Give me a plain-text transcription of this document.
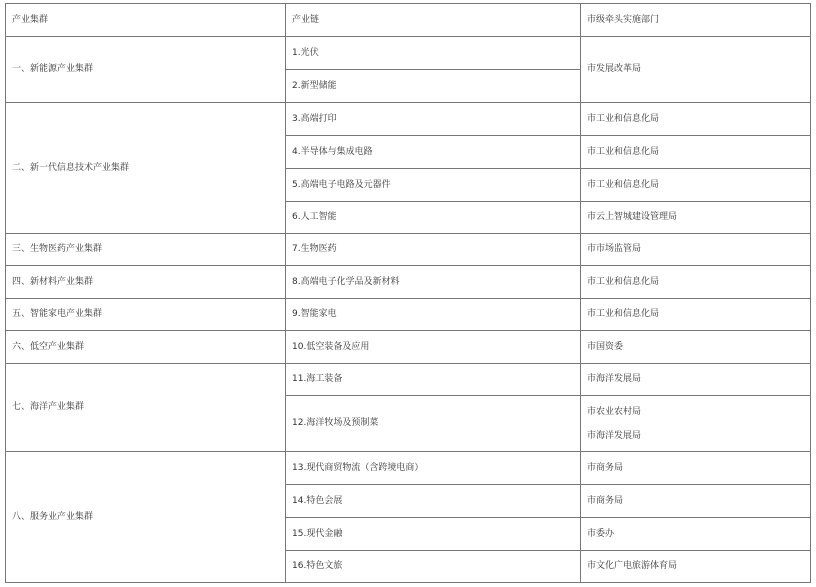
产业集群	产业链	市级牵头实施部门
一、新能源产业集群	1.光伏	市发展改革局
	2.新型储能	
二、新一代信息技术产业集群	3.高端打印	市工业和信息化局
	4.半导体与集成电路	市工业和信息化局
	5.高端电子电路及元器件	市工业和信息化局
	6.人工智能	市云上智城建设管理局
三、生物医药产业集群	7.生物医药	市市场监管局
四、新材料产业集群	8.高端电子化学品及新材料	市工业和信息化局
五、智能家电产业集群	9.智能家电	市工业和信息化局
六、低空产业集群	10.低空装备及应用	市国资委
七、海洋产业集群	11.海工装备	市海洋发展局
	12.海洋牧场及预制菜	市农业农村局
市海洋发展局

八、服务业产业集群	13.现代商贸物流（含跨境电商）	市商务局
	14.特色会展	市商务局
	15.现代金融	市委办
	16.特色文旅	市文化广电旅游体育局
